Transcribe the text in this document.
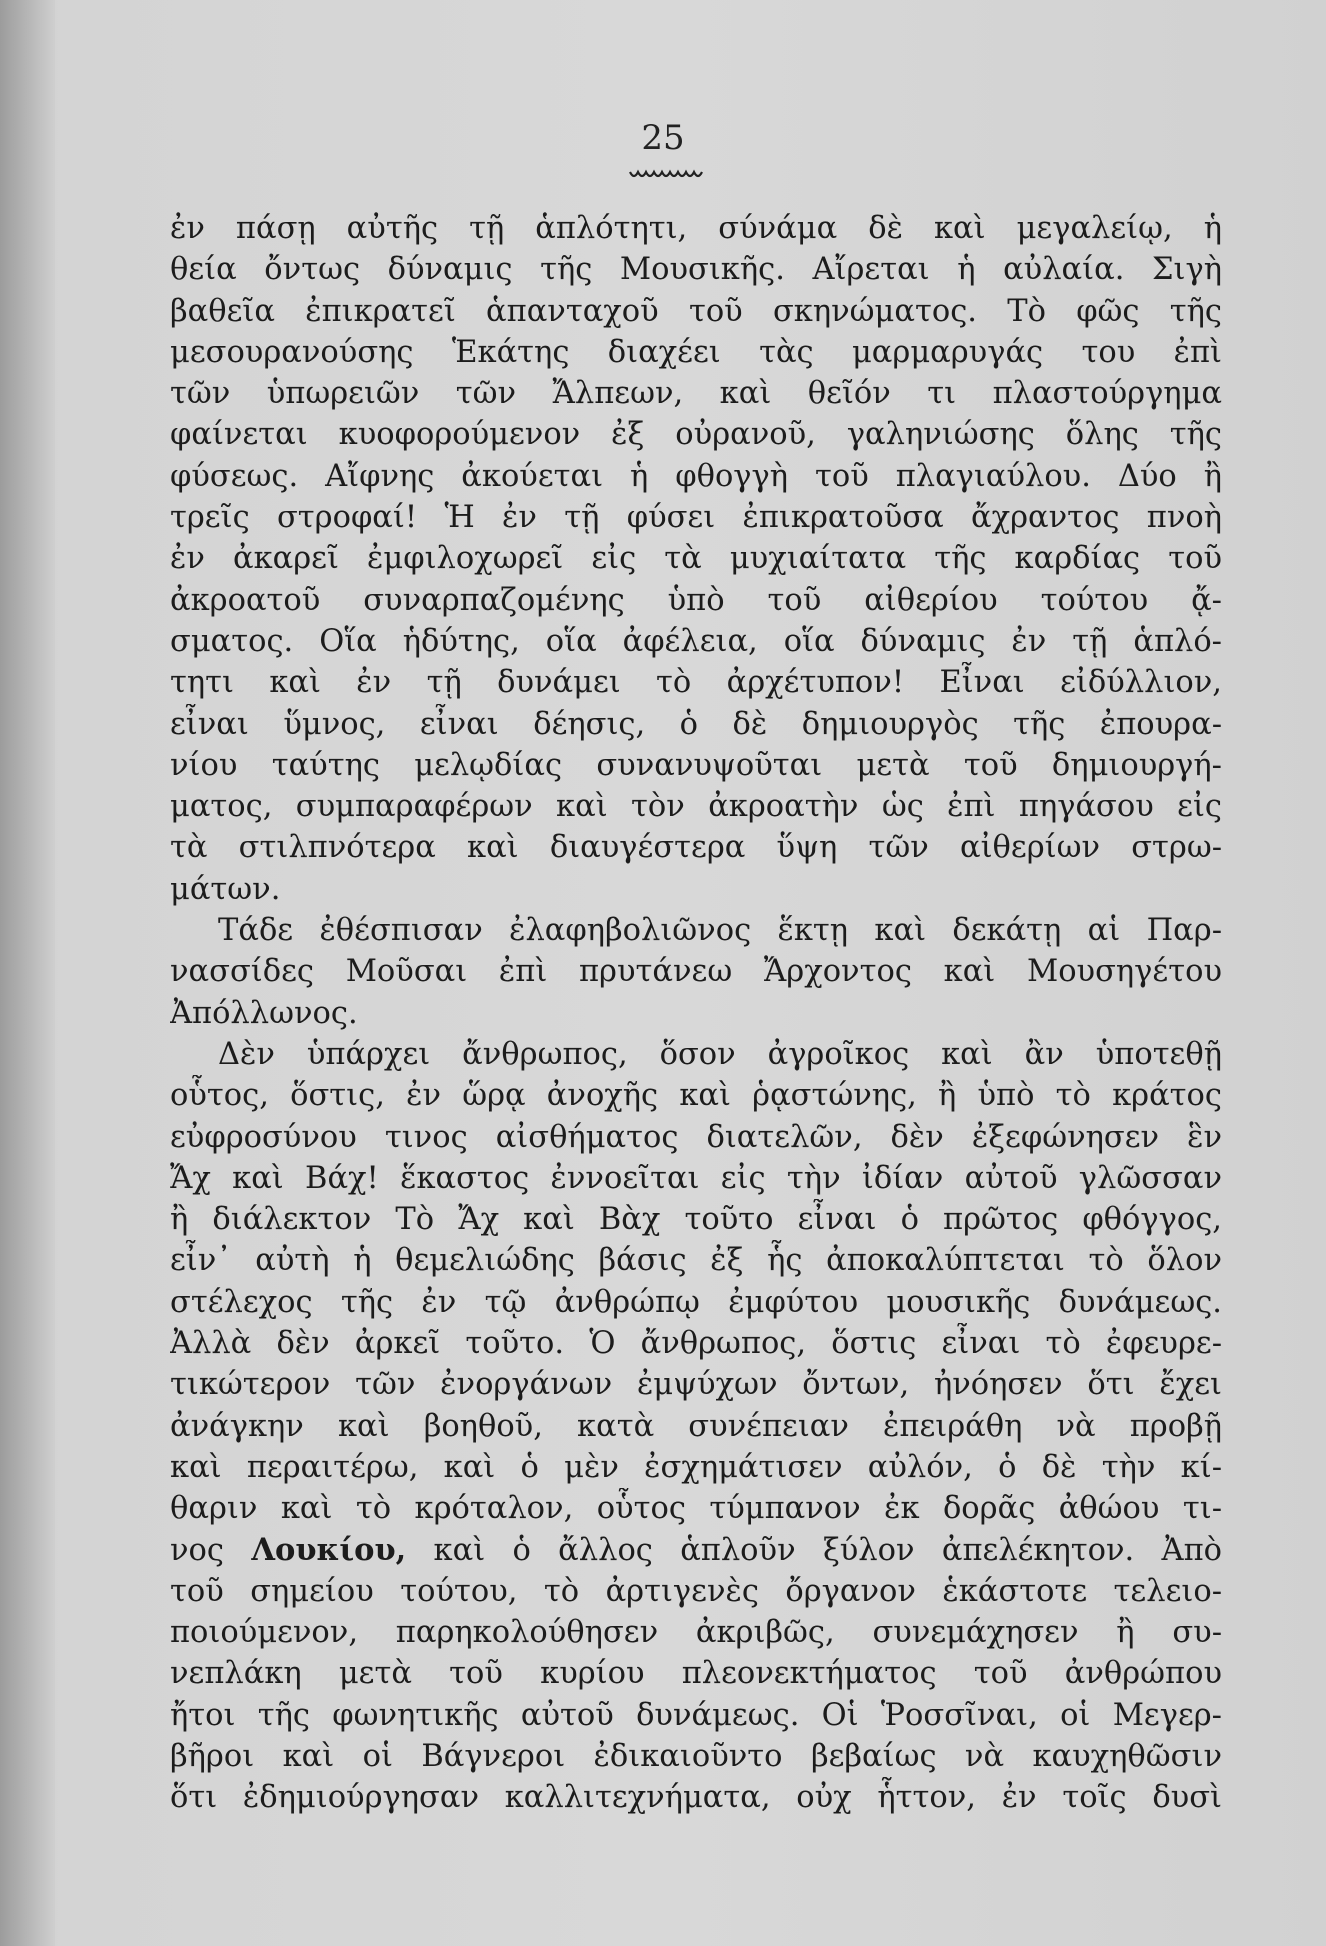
25
ἐν πάσῃ αὐτῆς τῇ ἁπλότητι, σύνάμα δὲ καὶ μεγαλείῳ, ἡ
θεία ὄντως δύναμις τῆς Μουσικῆς. Αἴρεται ἡ αὐλαία. Σιγὴ
βαθεῖα ἐπικρατεῖ ἁπανταχοῦ τοῦ σκηνώματος. Τὸ φῶς τῆς
μεσουρανούσης Ἑκάτης διαχέει τὰς μαρμαρυγάς του ἐπὶ
τῶν ὑπωρειῶν τῶν Ἄλπεων, καὶ θεῖόν τι πλαστούργημα
φαίνεται κυοφορούμενον ἐξ οὐρανοῦ, γαληνιώσης ὅλης τῆς
φύσεως. Αἴφνης ἀκούεται ἡ φθογγὴ τοῦ πλαγιαύλου. Δύο ἢ
τρεῖς στροφαί! Ἡ ἐν τῇ φύσει ἐπικρατοῦσα ἄχραντος πνοὴ
ἐν ἀκαρεῖ ἐμφιλοχωρεῖ εἰς τὰ μυχιαίτατα τῆς καρδίας τοῦ
ἀκροατοῦ συναρπαζομένης ὑπὸ τοῦ αἰθερίου τούτου ᾄ-
σματος. Οἵα ἡδύτης, οἵα ἀφέλεια, οἵα δύναμις ἐν τῇ ἁπλό-
τητι καὶ ἐν τῇ δυνάμει τὸ ἀρχέτυπον! Εἶναι εἰδύλλιον,
εἶναι ὕμνος, εἶναι δέησις, ὁ δὲ δημιουργὸς τῆς ἐπουρα-
νίου ταύτης μελῳδίας συνανυψοῦται μετὰ τοῦ δημιουργή-
ματος, συμπαραφέρων καὶ τὸν ἀκροατὴν ὡς ἐπὶ πηγάσου εἰς
τὰ στιλπνότερα καὶ διαυγέστερα ὕψη τῶν αἰθερίων στρω-
μάτων.
Τάδε ἐθέσπισαν ἐλαφηβολιῶνος ἕκτῃ καὶ δεκάτῃ αἱ Παρ-
νασσίδες Μοῦσαι ἐπὶ πρυτάνεω Ἄρχοντος καὶ Μουσηγέτου
Ἀπόλλωνος.
Δὲν ὑπάρχει ἄνθρωπος, ὅσον ἀγροῖκος καὶ ἂν ὑποτεθῇ
οὗτος, ὅστις, ἐν ὥρᾳ ἀνοχῆς καὶ ῥᾳστώνης, ἢ ὑπὸ τὸ κράτος
εὐφροσύνου τινος αἰσθήματος διατελῶν, δὲν ἐξεφώνησεν ἓν
Ἄχ καὶ Βάχ! ἕκαστος ἐννοεῖται εἰς τὴν ἰδίαν αὐτοῦ γλῶσσαν
ἢ διάλεκτον Τὸ Ἄχ καὶ Βὰχ τοῦτο εἶναι ὁ πρῶτος φθόγγος,
εἶν᾽ αὐτὴ ἡ θεμελιώδης βάσις ἐξ ἧς ἀποκαλύπτεται τὸ ὅλον
στέλεχος τῆς ἐν τῷ ἀνθρώπῳ ἐμφύτου μουσικῆς δυνάμεως.
Ἀλλὰ δὲν ἀρκεῖ τοῦτο. Ὁ ἄνθρωπος, ὅστις εἶναι τὸ ἐφευρε-
τικώτερον τῶν ἐνοργάνων ἐμψύχων ὄντων, ἠνόησεν ὅτι ἔχει
ἀνάγκην καὶ βοηθοῦ, κατὰ συνέπειαν ἐπειράθη νὰ προβῇ
καὶ περαιτέρω, καὶ ὁ μὲν ἐσχημάτισεν αὐλόν, ὁ δὲ τὴν κί-
θαριν καὶ τὸ κρόταλον, οὗτος τύμπανον ἐκ δορᾶς ἀθώου τι-
νος Λουκίου, καὶ ὁ ἄλλος ἁπλοῦν ξύλον ἀπελέκητον. Ἀπὸ
τοῦ σημείου τούτου, τὸ ἀρτιγενὲς ὄργανον ἑκάστοτε τελειο-
ποιούμενον, παρηκολούθησεν ἀκριβῶς, συνεμάχησεν ἢ συ-
νεπλάκη μετὰ τοῦ κυρίου πλεονεκτήματος τοῦ ἀνθρώπου
ἤτοι τῆς φωνητικῆς αὐτοῦ δυνάμεως. Οἱ Ῥοσσῖναι, οἱ Μεγερ-
βῆροι καὶ οἱ Βάγνεροι ἐδικαιοῦντο βεβαίως νὰ καυχηθῶσιν
ὅτι ἐδημιούργησαν καλλιτεχνήματα, οὐχ ἧττον, ἐν τοῖς δυσὶ
